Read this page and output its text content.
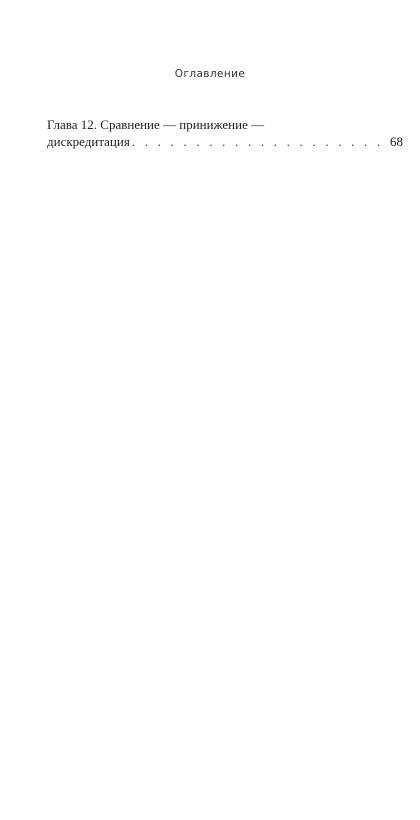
Оглавление
Глава 12. Сравнение — принижение —
дискредитация
. . .	68
